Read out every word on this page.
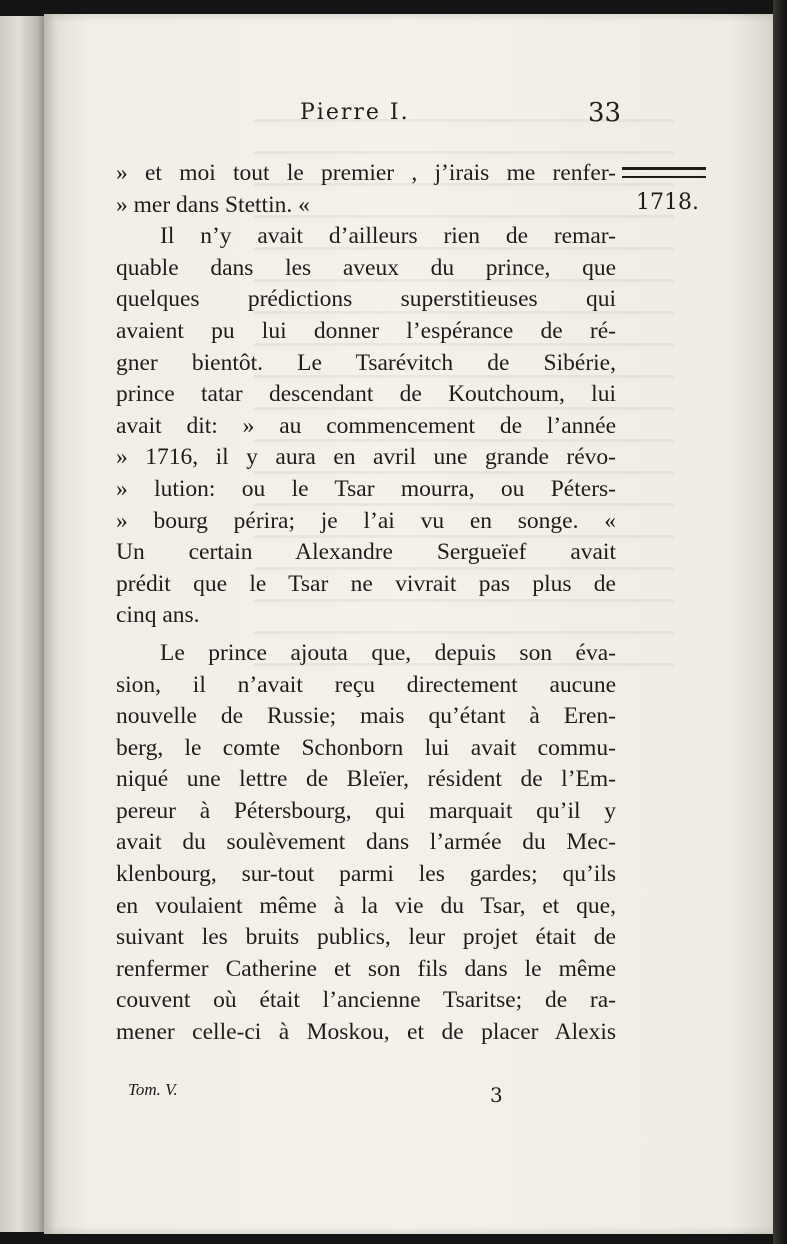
Pierre I.	33
1718.
» et moi tout le premier , j’irais me renfer-
» mer dans Stettin. «
Il n’y avait d’ailleurs rien de remar-
quable dans les aveux du prince, que
quelques prédictions superstitieuses qui
avaient pu lui donner l’espérance de ré-
gner bientôt. Le Tsarévitch de Sibérie,
prince tatar descendant de Koutchoum, lui
avait dit: » au commencement de l’année
» 1716, il y aura en avril une grande révo-
» lution: ou le Tsar mourra, ou Péters-
» bourg périra; je l’ai vu en songe. «
Un certain Alexandre Sergueïef avait
prédit que le Tsar ne vivrait pas plus de
cinq ans.
Le prince ajouta que, depuis son éva-
sion, il n’avait reçu directement aucune
nouvelle de Russie; mais qu’étant à Eren-
berg, le comte Schonborn lui avait commu-
niqué une lettre de Bleïer, résident de l’Em-
pereur à Pétersbourg, qui marquait qu’il y
avait du soulèvement dans l’armée du Mec-
klenbourg, sur-tout parmi les gardes; qu’ils
en voulaient même à la vie du Tsar, et que,
suivant les bruits publics, leur projet était de
renfermer Catherine et son fils dans le même
couvent où était l’ancienne Tsaritse; de ra-
mener celle-ci à Moskou, et de placer Alexis
Tom. V.	3
